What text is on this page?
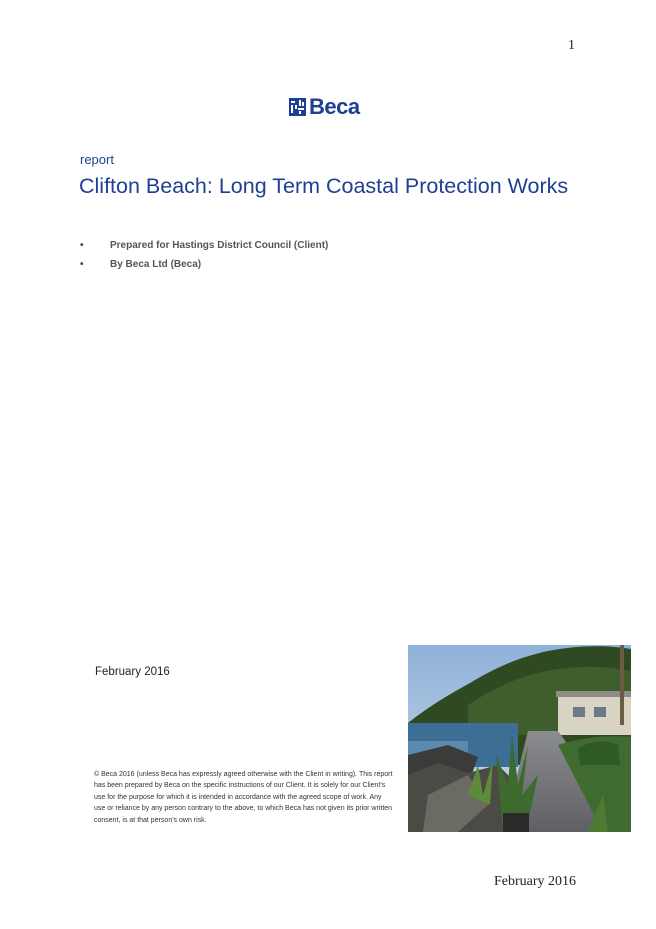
1
Beca
report
Clifton Beach: Long Term Coastal Protection Works
•	Prepared for Hastings District Council (Client)
•	By Beca Ltd (Beca)
February 2016

© Beca 2016 (unless Beca has expressly agreed otherwise with the Client in writing). This report has been prepared by Beca on the specific instructions of our Client. It is solely for our Client's use for the purpose for which it is intended in accordance with the agreed scope of work. Any use or reliance by any person contrary to the above, to which Beca has not given its prior written consent, is at that person's own risk.

February 2016
